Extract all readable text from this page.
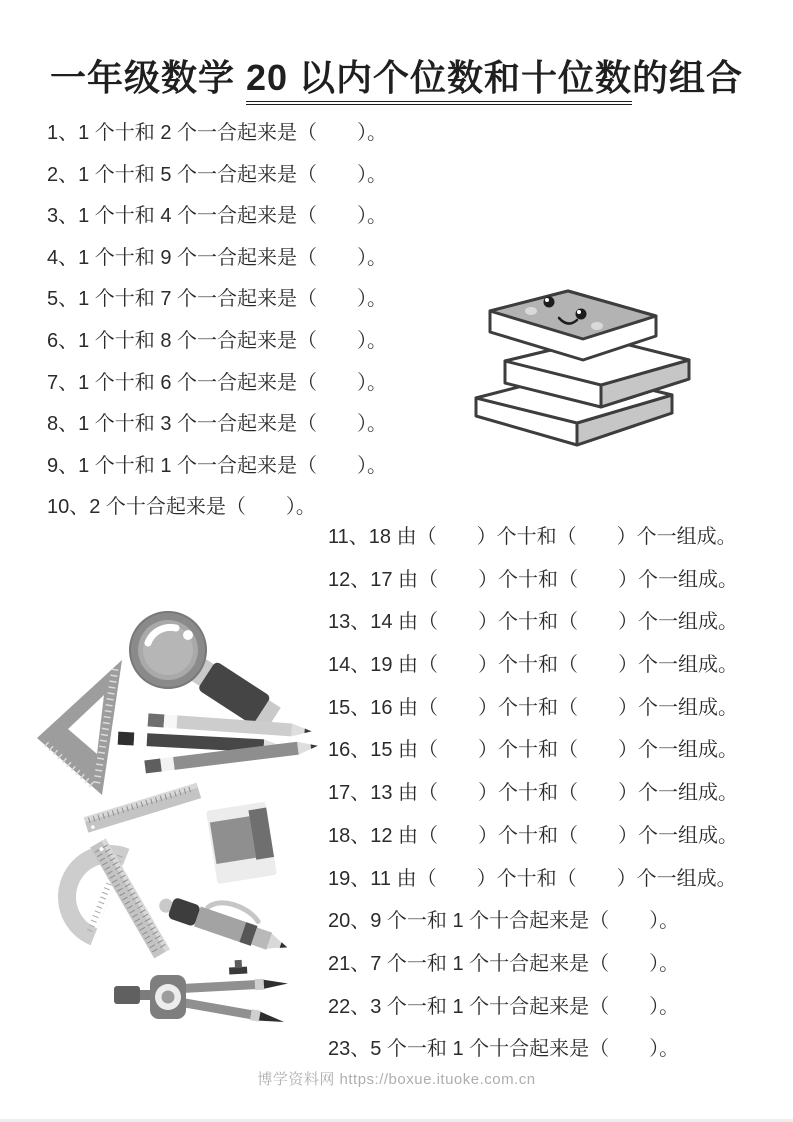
一年级数学 20 以内个位数和十位数的组合
1、1 个十和 2 个一合起来是（　　）。
2、1 个十和 5 个一合起来是（　　）。
3、1 个十和 4 个一合起来是（　　）。
4、1 个十和 9 个一合起来是（　　）。
5、1 个十和 7 个一合起来是（　　）。
6、1 个十和 8 个一合起来是（　　）。
7、1 个十和 6 个一合起来是（　　）。
8、1 个十和 3 个一合起来是（　　）。
9、1 个十和 1 个一合起来是（　　）。
10、2 个十合起来是（　　）。
11、18 由（　　）个十和（　　）个一组成。
12、17 由（　　）个十和（　　）个一组成。
13、14 由（　　）个十和（　　）个一组成。
14、19 由（　　）个十和（　　）个一组成。
15、16 由（　　）个十和（　　）个一组成。
16、15 由（　　）个十和（　　）个一组成。
17、13 由（　　）个十和（　　）个一组成。
18、12 由（　　）个十和（　　）个一组成。
19、11 由（　　）个十和（　　）个一组成。
20、9 个一和 1 个十合起来是（　　）。
21、7 个一和 1 个十合起来是（　　）。
22、3 个一和 1 个十合起来是（　　）。
23、5 个一和 1 个十合起来是（　　）。
博学资料网 https://boxue.ituoke.com.cn
